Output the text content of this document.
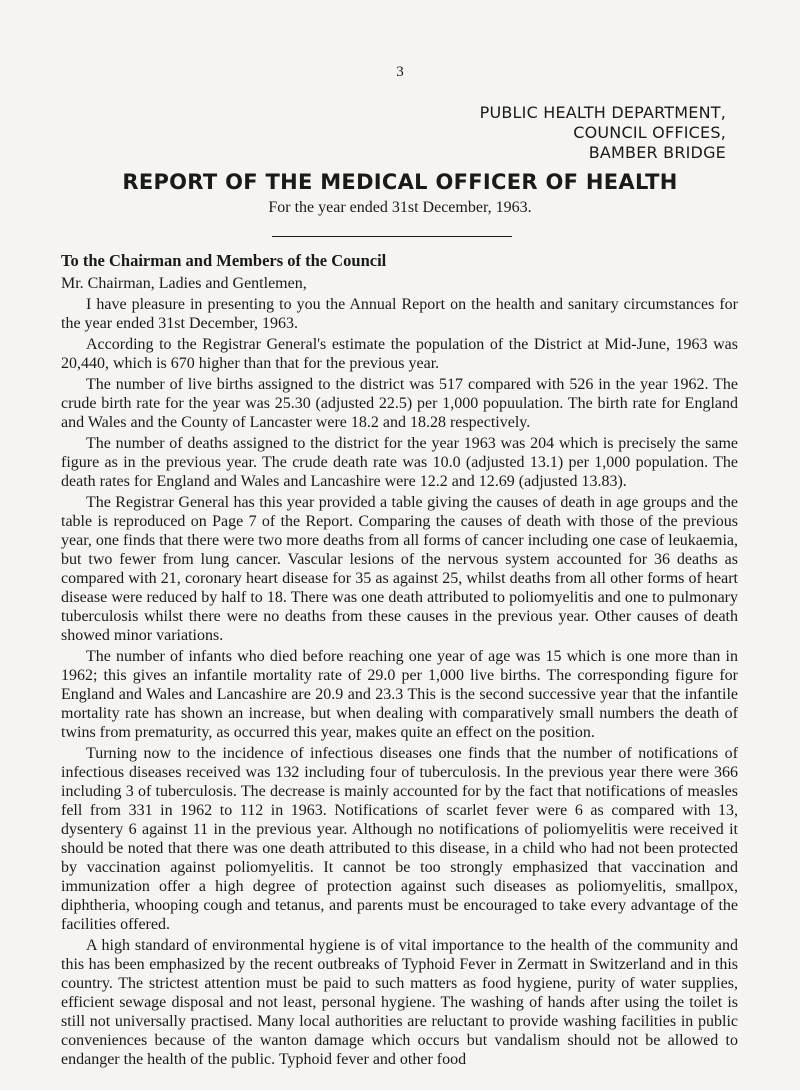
3
PUBLIC HEALTH DEPARTMENT,
COUNCIL OFFICES,
BAMBER BRIDGE
REPORT OF THE MEDICAL OFFICER OF HEALTH
For the year ended 31st December, 1963.
To the Chairman and Members of the Council
Mr. Chairman, Ladies and Gentlemen,

I have pleasure in presenting to you the Annual Report on the health and sanitary circumstances for the year ended 31st December, 1963.

According to the Registrar General's estimate the population of the District at Mid-June, 1963 was 20,440, which is 670 higher than that for the previous year.

The number of live births assigned to the district was 517 compared with 526 in the year 1962. The crude birth rate for the year was 25.30 (adjusted 22.5) per 1,000 popuulation. The birth rate for England and Wales and the County of Lancaster were 18.2 and 18.28 respectively.

The number of deaths assigned to the district for the year 1963 was 204 which is precisely the same figure as in the previous year. The crude death rate was 10.0 (adjusted 13.1) per 1,000 population. The death rates for England and Wales and Lancashire were 12.2 and 12.69 (adjusted 13.83).

The Registrar General has this year provided a table giving the causes of death in age groups and the table is reproduced on Page 7 of the Report. Comparing the causes of death with those of the previous year, one finds that there were two more deaths from all forms of cancer including one case of leukaemia, but two fewer from lung cancer. Vascular lesions of the nervous system accounted for 36 deaths as compared with 21, coronary heart disease for 35 as against 25, whilst deaths from all other forms of heart disease were reduced by half to 18. There was one death attributed to poliomyelitis and one to pulmonary tuberculosis whilst there were no deaths from these causes in the previous year. Other causes of death showed minor variations.

The number of infants who died before reaching one year of age was 15 which is one more than in 1962; this gives an infantile mortality rate of 29.0 per 1,000 live births. The corresponding figure for England and Wales and Lancashire are 20.9 and 23.3 This is the second successive year that the infantile mortality rate has shown an increase, but when dealing with comparatively small numbers the death of twins from prematurity, as occurred this year, makes quite an effect on the position.

Turning now to the incidence of infectious diseases one finds that the number of notifications of infectious diseases received was 132 including four of tuberculosis. In the previous year there were 366 including 3 of tuberculosis. The decrease is mainly accounted for by the fact that notifications of measles fell from 331 in 1962 to 112 in 1963. Notifications of scarlet fever were 6 as compared with 13, dysentery 6 against 11 in the previous year. Although no notifications of poliomyelitis were received it should be noted that there was one death attributed to this disease, in a child who had not been protected by vaccination against poliomyelitis. It cannot be too strongly emphasized that vaccination and immunization offer a high degree of protection against such diseases as poliomyelitis, smallpox, diphtheria, whooping cough and tetanus, and parents must be encouraged to take every advantage of the facilities offered.

A high standard of environmental hygiene is of vital importance to the health of the community and this has been emphasized by the recent outbreaks of Typhoid Fever in Zermatt in Switzerland and in this country. The strictest attention must be paid to such matters as food hygiene, purity of water supplies, efficient sewage disposal and not least, personal hygiene. The washing of hands after using the toilet is still not universally practised. Many local authorities are reluctant to provide washing facilities in public conveniences because of the wanton damage which occurs but vandalism should not be allowed to endanger the health of the public. Typhoid fever and other food
